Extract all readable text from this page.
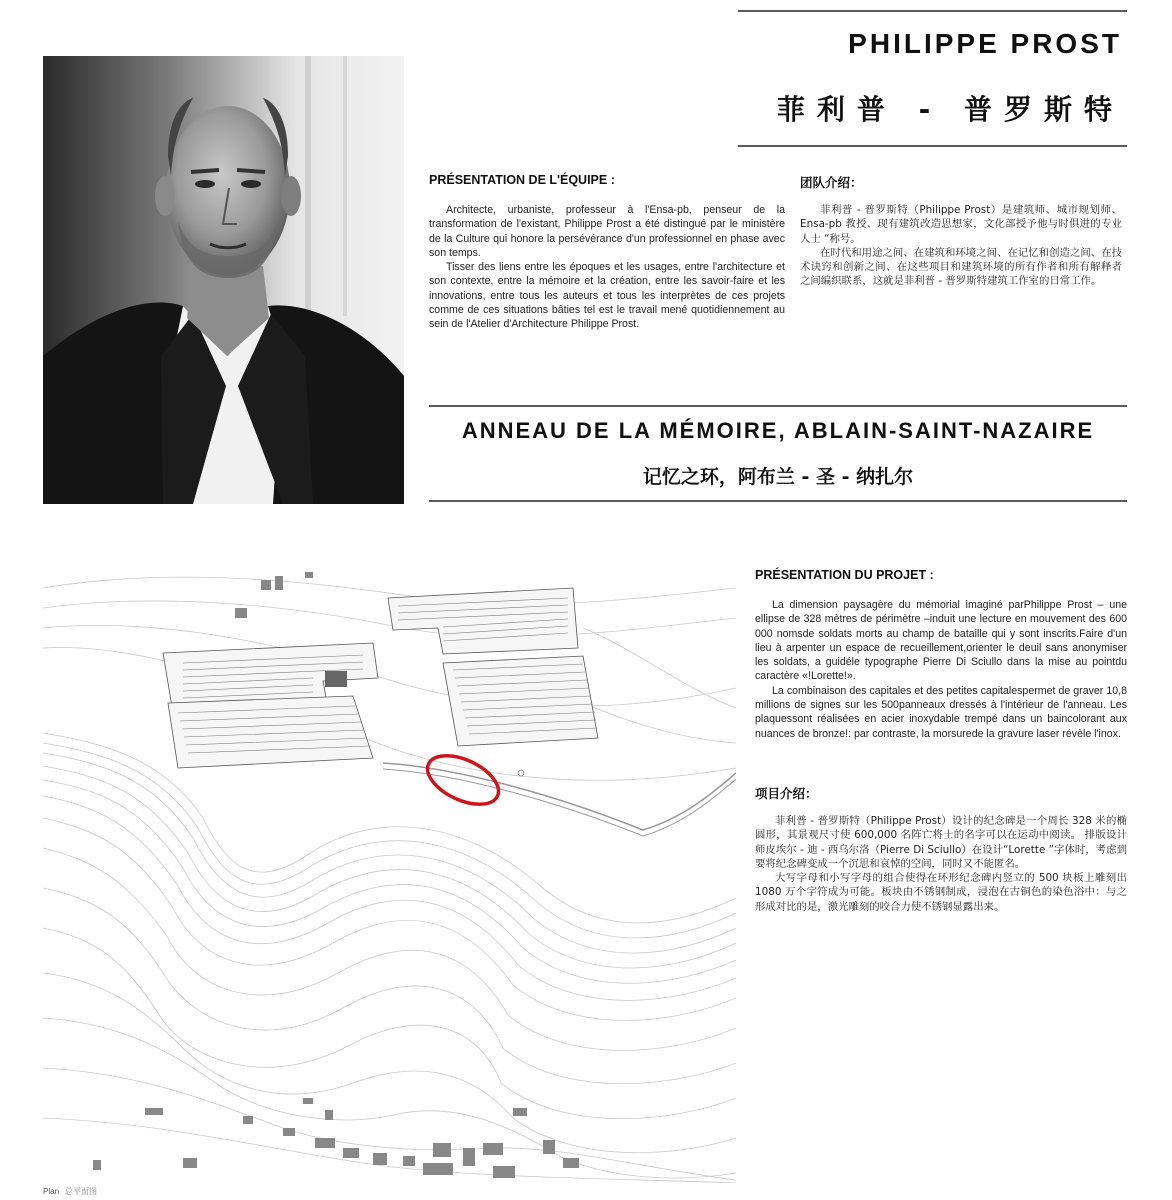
PHILIPPE PROST
菲利普 - 普罗斯特
PRÉSENTATION DE L'ÉQUIPE :

Architecte, urbaniste, professeur à l'Ensa-pb, penseur de la transformation de l'existant, Philippe Prost a été distingué par le ministère de la Culture qui honore la persévérance d'un professionnel en phase avec son temps.

Tisser des liens entre les époques et les usages, entre l'architecture et son contexte, entre la mémoire et la création, entre les savoir-faire et les innovations, entre tous les auteurs et tous les interprètes de ces projets comme de ces situations bâties tel est le travail mené quotidiennement au sein de l'Atelier d'Architecture Philippe Prost.

团队介绍：

菲利普 - 普罗斯特（Philippe Prost）是建筑师、城市规划师、Ensa-pb 教授、现有建筑改造思想家，文化部授予他与时俱进的专业人士 “称号。

在时代和用途之间、在建筑和环境之间、在记忆和创造之间、在技术诀窍和创新之间、在这些项目和建筑环境的所有作者和所有解释者之间编织联系，这就是菲利普 - 普罗斯特建筑工作室的日常工作。

ANNEAU DE LA MÉMOIRE, ABLAIN-SAINT-NAZAIRE
记忆之环，阿布兰 - 圣 - 纳扎尔
Plan 总平面图
PRÉSENTATION DU PROJET :

La dimension paysagère du mémorial imaginé parPhilippe Prost – une ellipse de 328 mètres de périmètre –induit une lecture en mouvement des 600 000 nomsde soldats morts au champ de bataille qui y sont inscrits.Faire d'un lieu à arpenter un espace de recueillement,orienter le deuil sans anonymiser les soldats, a guidéle typographe Pierre Di Sciullo dans la mise au pointdu caractère «!Lorette!».

La combinaison des capitales et des petites capitalespermet de graver 10,8 millions de signes sur les 500panneaux dressés à l'intérieur de l'anneau. Les plaquessont réalisées en acier inoxydable trempé dans un baincolorant aux nuances de bronze!: par contraste, la morsurede la gravure laser révèle l'inox.

项目介绍：

菲利普 - 普罗斯特（Philippe Prost）设计的纪念碑是一个周长 328 米的椭圆形，其景观尺寸使 600,000 名阵亡将士的名字可以在运动中阅读。 排版设计师皮埃尔 - 迪 - 西乌尔洛（Pierre Di Sciullo）在设计“Lorette ”字体时，考虑到要将纪念碑变成一个沉思和哀悼的空间，同时又不能匿名。

大写字母和小写字母的组合使得在环形纪念碑内竖立的 500 块板上雕刻出 1080 万个字符成为可能。板块由不锈钢制成，浸泡在古铜色的染色浴中：与之形成对比的是，激光雕刻的咬合力使不锈钢显露出来。
